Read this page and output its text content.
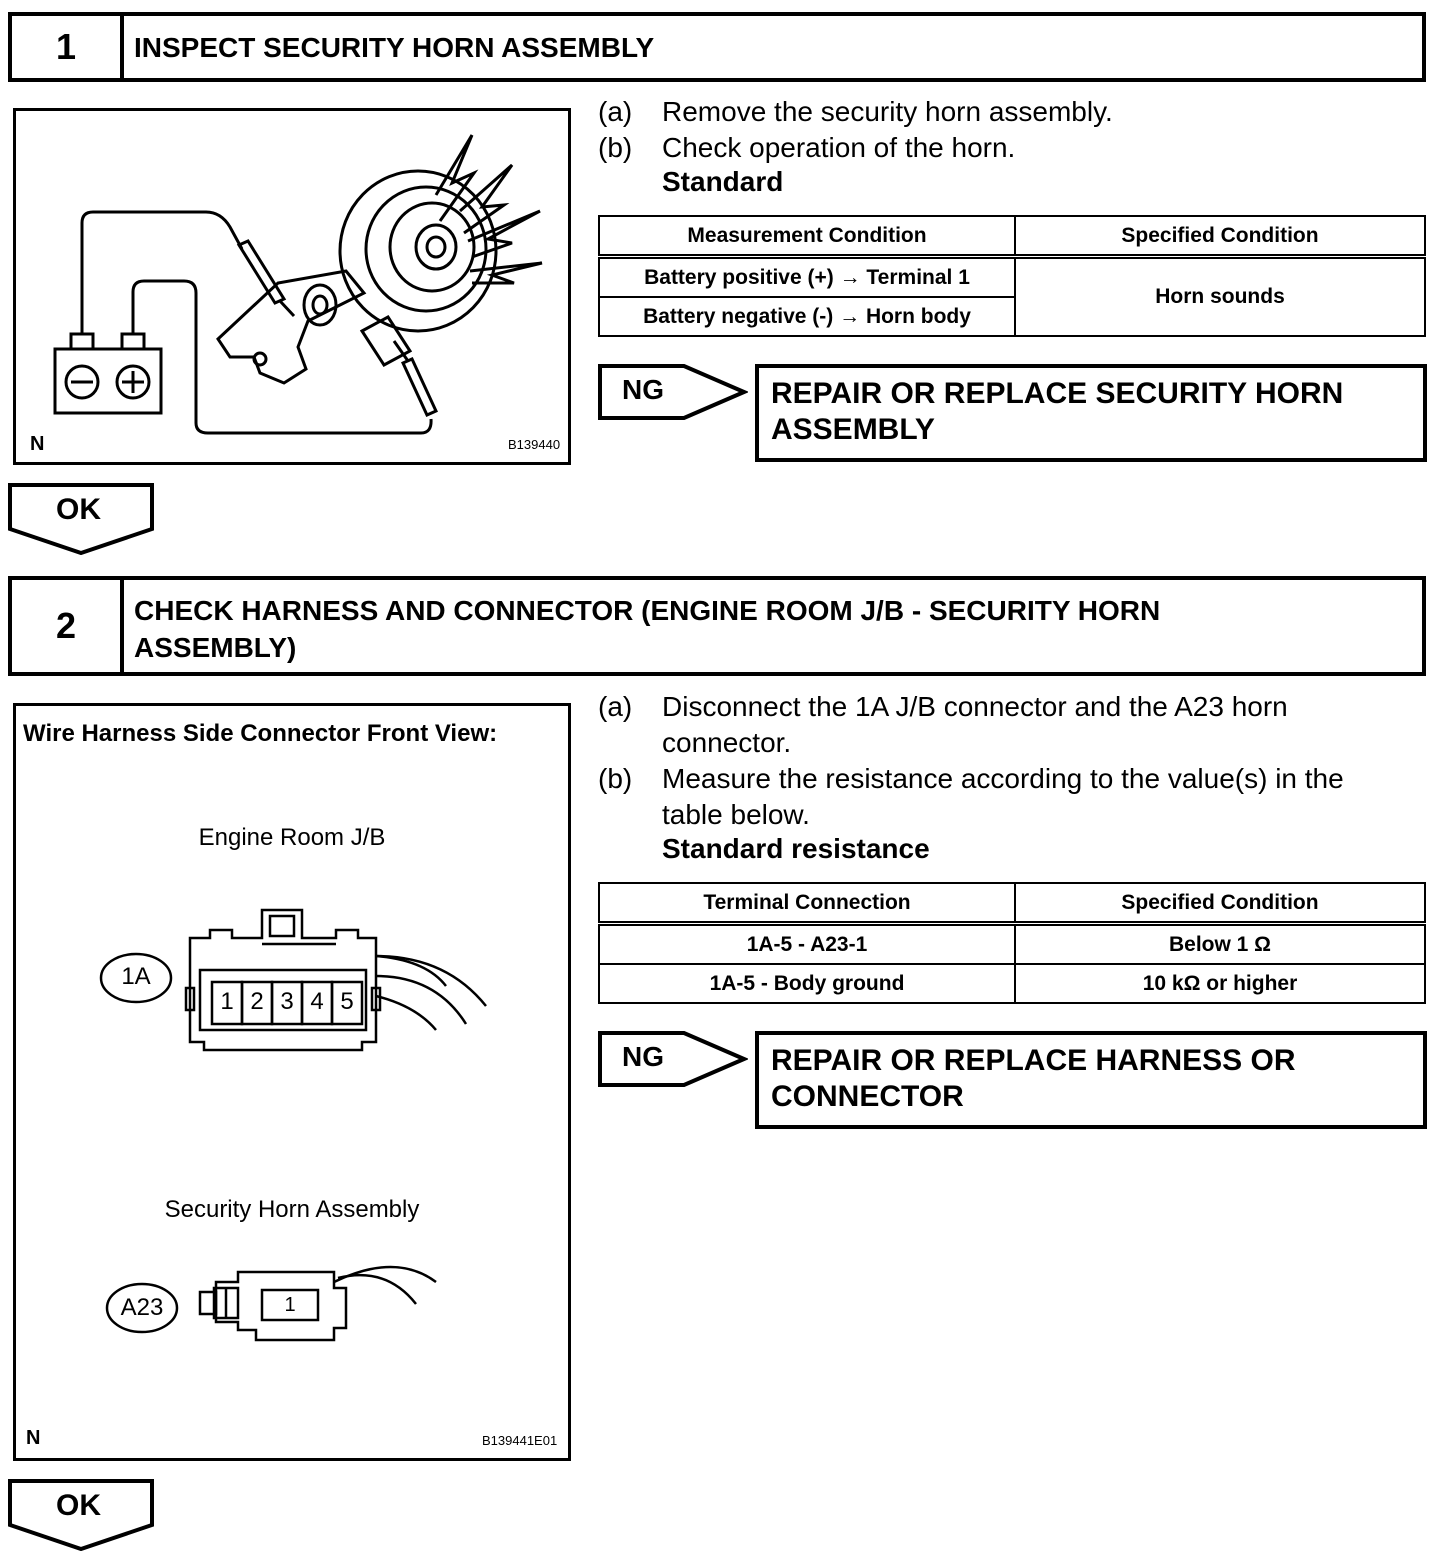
1	INSPECT SECURITY HORN ASSEMBLY
N	B139440
(a) Remove the security horn assembly.
(b) Check operation of the horn.
Standard
Measurement Condition	Specified Condition
Battery positive (+) → Terminal 1	Horn sounds
Battery negative (-) → Horn body	
NG	REPAIR OR REPLACE SECURITY HORN
ASSEMBLY
OK
2	CHECK HARNESS AND CONNECTOR (ENGINE ROOM J/B - SECURITY HORN
ASSEMBLY)
Wire Harness Side Connector Front View:
Engine Room J/B
1A
1 2 3 4 5
Security Horn Assembly
A23	1
N	B139441E01
(a) Disconnect the 1A J/B connector and the A23 horn
connector.
(b) Measure the resistance according to the value(s) in the
table below.
Standard resistance
Terminal Connection	Specified Condition
1A-5 - A23-1	Below 1 Ω
1A-5 - Body ground	10 kΩ or higher
NG	REPAIR OR REPLACE HARNESS OR
CONNECTOR
OK
